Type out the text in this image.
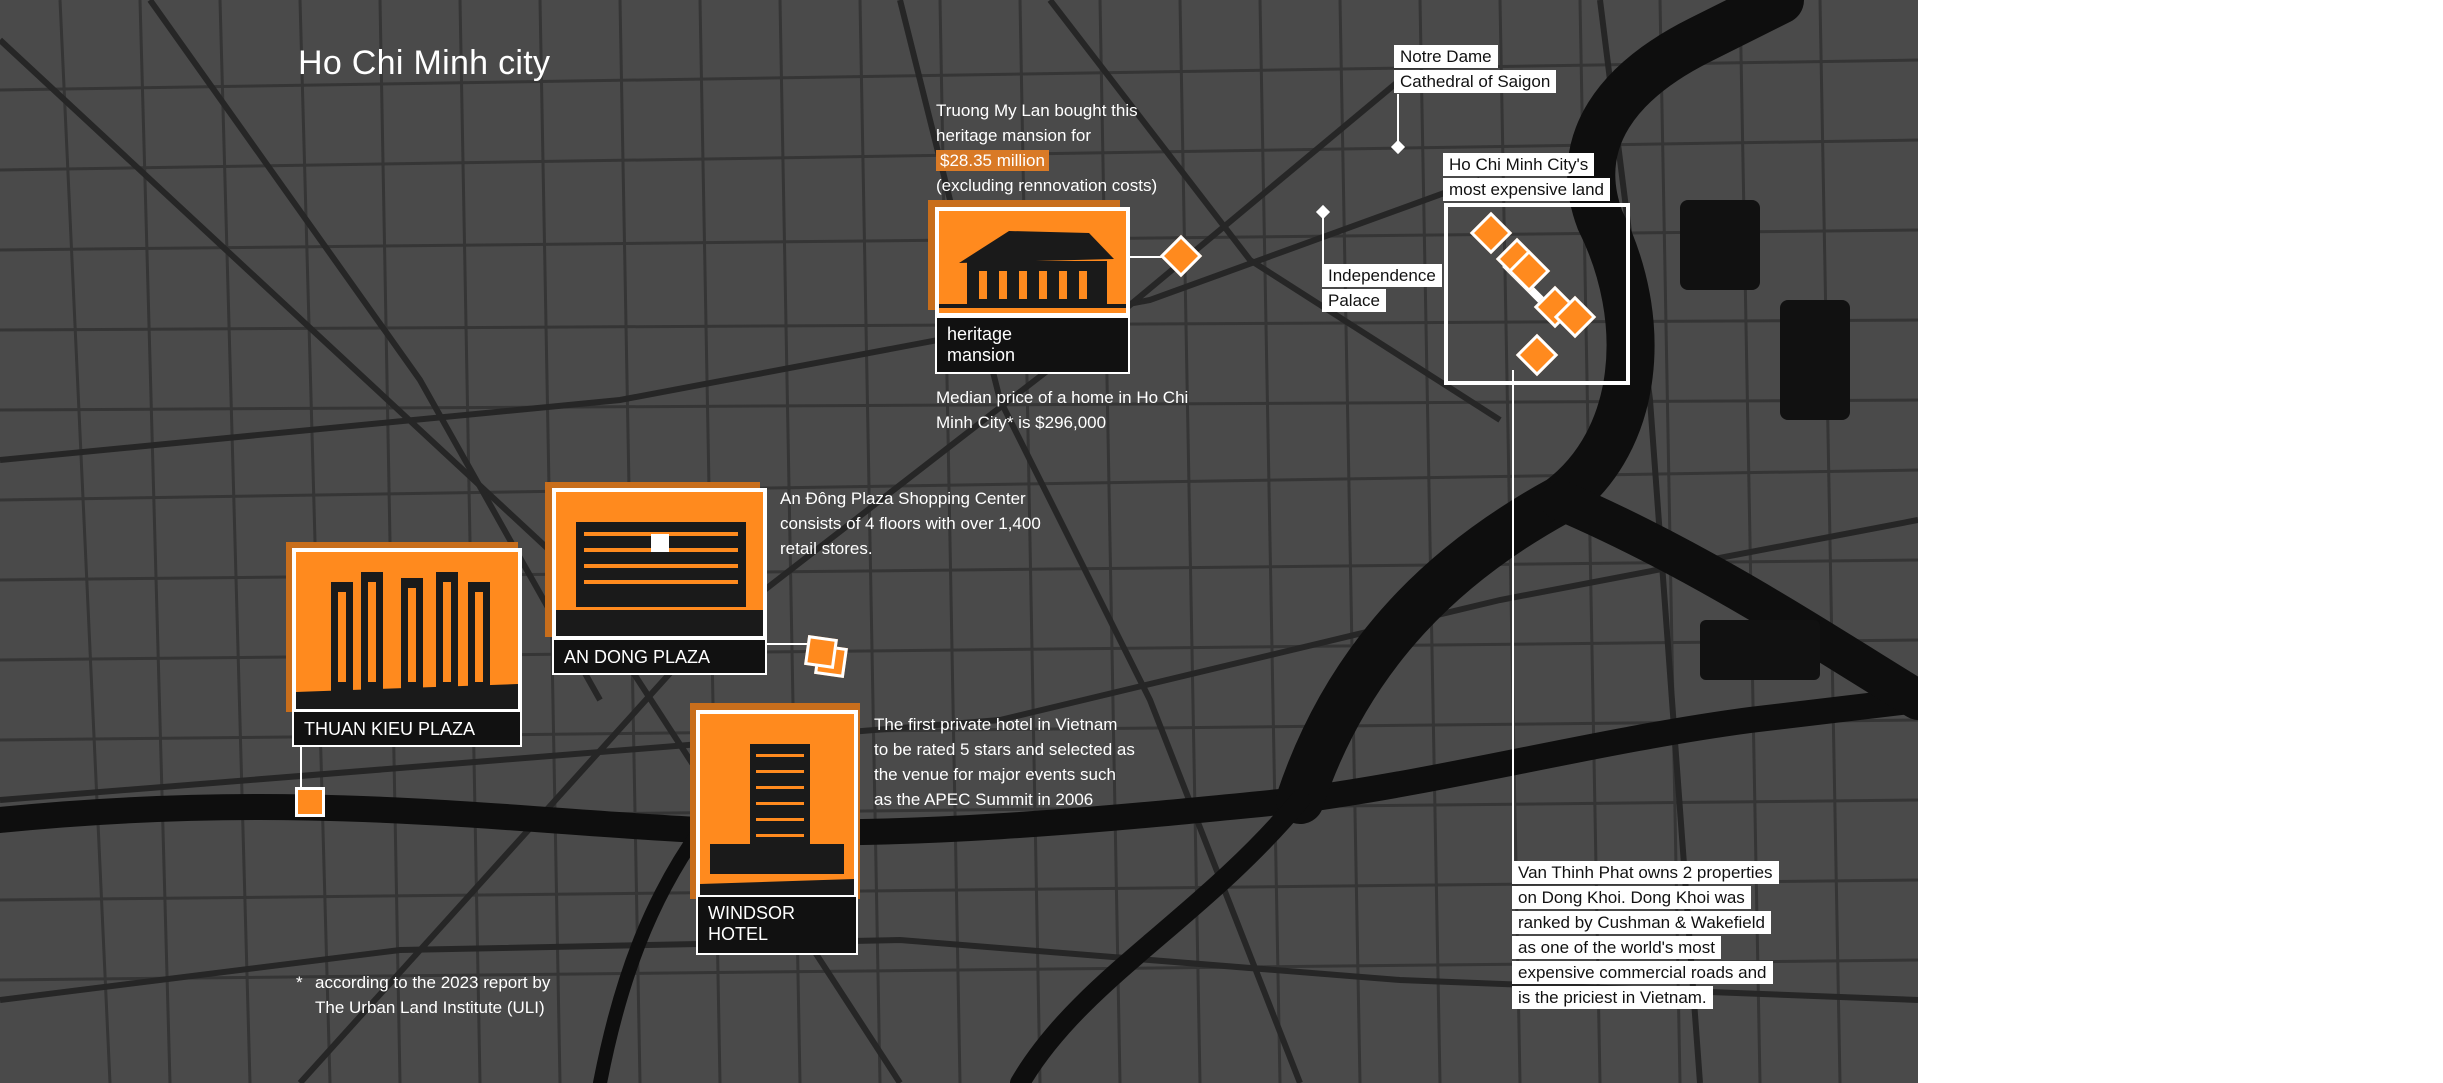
Ho Chi Minh city	Notre Dame
Cathedral of Saigon
Independence
Palace
Ho Chi Minh City's
most expensive land
Truong My Lan bought this
heritage mansion for
$28.35 million
(excluding rennovation costs)
heritage
mansion
Median price of a home in Ho Chi
Minh City* is $296,000
AN DONG PLAZA
An Đông Plaza Shopping Center
consists of 4 floors with over 1,400
retail stores.
THUAN KIEU PLAZA
WINDSOR
HOTEL
The first private hotel in Vietnam
to be rated 5 stars and selected as
the venue for major events such
as the APEC Summit in 2006
Van Thinh Phat owns 2 properties
on Dong Khoi. Dong Khoi was
ranked by Cushman & Wakefield
as one of the world's most
expensive commercial roads and
is the priciest in Vietnam.
* according to the 2023 report by
The Urban Land Institute (ULI)
